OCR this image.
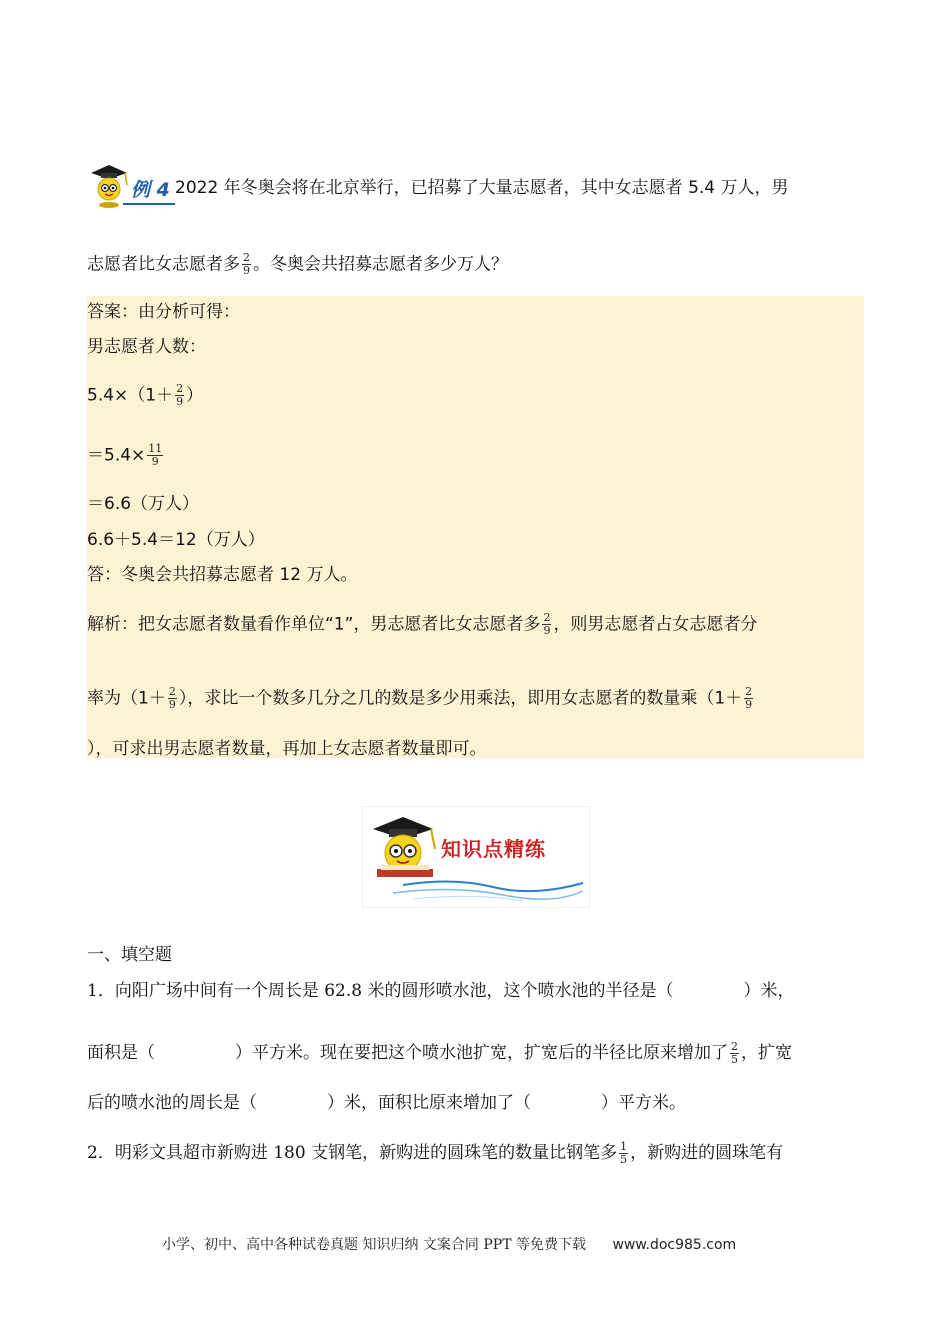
例 4 2022 年冬奥会将在北京举行，已招募了大量志愿者，其中女志愿者 5.4 万人，男
志愿者比女志愿者多 $\frac{2}{9}$ 。冬奥会共招募志愿者多少万人？
答案：由分析可得：
男志愿者人数：
$5.4\times(1+ \frac{2}{9}$ ）
$=5.4\times \frac{11}{9}$
＝6.6（万人）
6.6＋5.4＝12（万人）
答：冬奥会共招募志愿者 12 万人。
解析：把女志愿者数量看作单位“1”，男志愿者比女志愿者多 $\frac{2}{9}$ ，则男志愿者占女志愿者分
率为（$1+ \frac{2}{9}$ ），求比一个数多几分之几的数是多少用乘法，即用女志愿者的数量乘（$1+ \frac{2}{9}$
），可求出男志愿者数量，再加上女志愿者数量即可。
知识点精练
一、填空题
1．向阳广场中间有一个周长是 62.8 米的圆形喷水池，这个喷水池的半径是（	）米，
面积是（	）平方米。现在要把这个喷水池扩宽，扩宽后的半径比原来增加了 $\frac{2}{5}$ ，扩宽
后的喷水池的周长是（	）米，面积比原来增加了（	）平方米。
2．明彩文具超市新购进 180 支钢笔，新购进的圆珠笔的数量比钢笔多 $\frac{1}{5}$ ，新购进的圆珠笔有
小学、初中、高中各种试卷真题 知识归纳 文案合同 PPT 等免费下载 www.doc985.com
